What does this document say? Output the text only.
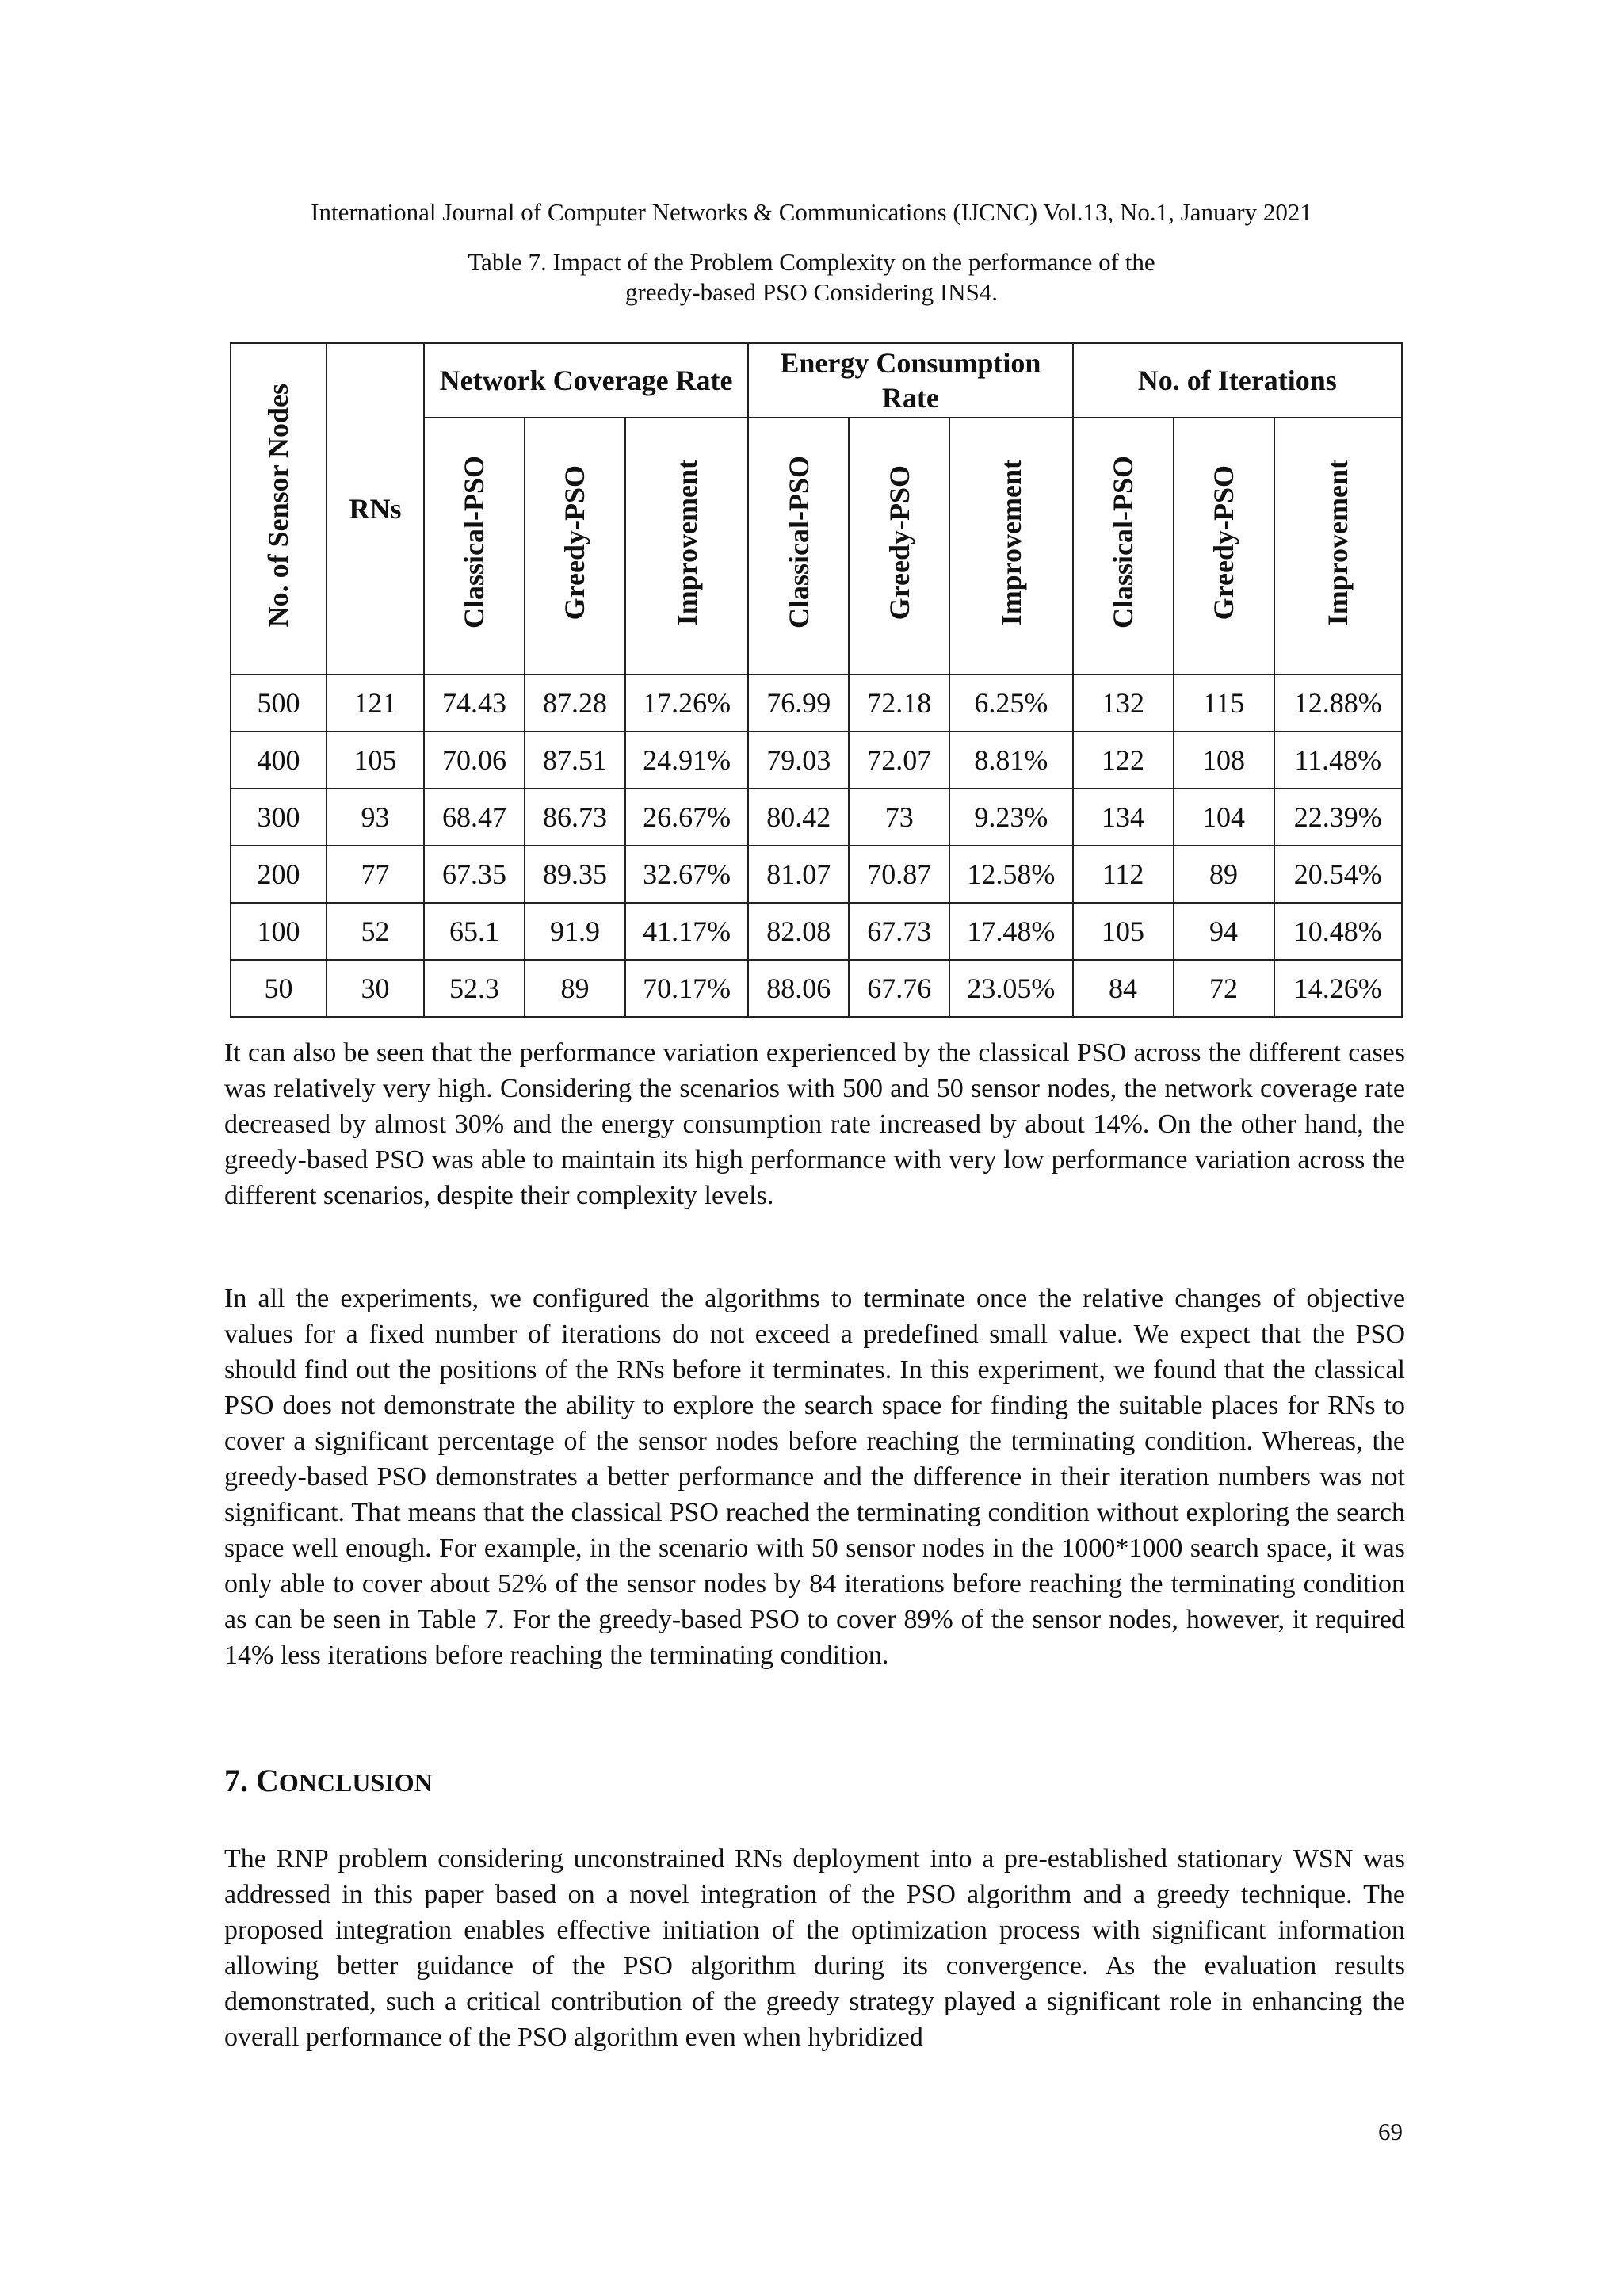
International Journal of Computer Networks & Communications (IJCNC) Vol.13, No.1, January 2021
Table 7. Impact of the Problem Complexity on the performance of the
greedy-based PSO Considering INS4.
No. of Sensor Nodes	RNs	Network Coverage Rate			Energy Consumption Rate			No. of Iterations		
		Classical-PSO	Greedy-PSO	Improvement	Classical-PSO	Greedy-PSO	Improvement	Classical-PSO	Greedy-PSO	Improvement
500	121	74.43	87.28	17.26%	76.99	72.18	6.25%	132	115	12.88%
400	105	70.06	87.51	24.91%	79.03	72.07	8.81%	122	108	11.48%
300	93	68.47	86.73	26.67%	80.42	73	9.23%	134	104	22.39%
200	77	67.35	89.35	32.67%	81.07	70.87	12.58%	112	89	20.54%
100	52	65.1	91.9	41.17%	82.08	67.73	17.48%	105	94	10.48%
50	30	52.3	89	70.17%	88.06	67.76	23.05%	84	72	14.26%

It can also be seen that the performance variation experienced by the classical PSO across the different cases was relatively very high. Considering the scenarios with 500 and 50 sensor nodes, the network coverage rate decreased by almost 30% and the energy consumption rate increased by about 14%. On the other hand, the greedy-based PSO was able to maintain its high performance with very low performance variation across the different scenarios, despite their complexity levels.

In all the experiments, we configured the algorithms to terminate once the relative changes of objective values for a fixed number of iterations do not exceed a predefined small value. We expect that the PSO should find out the positions of the RNs before it terminates. In this experiment, we found that the classical PSO does not demonstrate the ability to explore the search space for finding the suitable places for RNs to cover a significant percentage of the sensor nodes before reaching the terminating condition. Whereas, the greedy-based PSO demonstrates a better performance and the difference in their iteration numbers was not significant. That means that the classical PSO reached the terminating condition without exploring the search space well enough. For example, in the scenario with 50 sensor nodes in the 1000*1000 search space, it was only able to cover about 52% of the sensor nodes by 84 iterations before reaching the terminating condition as can be seen in Table 7. For the greedy-based PSO to cover 89% of the sensor nodes, however, it required 14% less iterations before reaching the terminating condition.

7. CONCLUSION

The RNP problem considering unconstrained RNs deployment into a pre-established stationary WSN was addressed in this paper based on a novel integration of the PSO algorithm and a greedy technique. The proposed integration enables effective initiation of the optimization process with significant information allowing better guidance of the PSO algorithm during its convergence. As the evaluation results demonstrated, such a critical contribution of the greedy strategy played a significant role in enhancing the overall performance of the PSO algorithm even when hybridized

69
